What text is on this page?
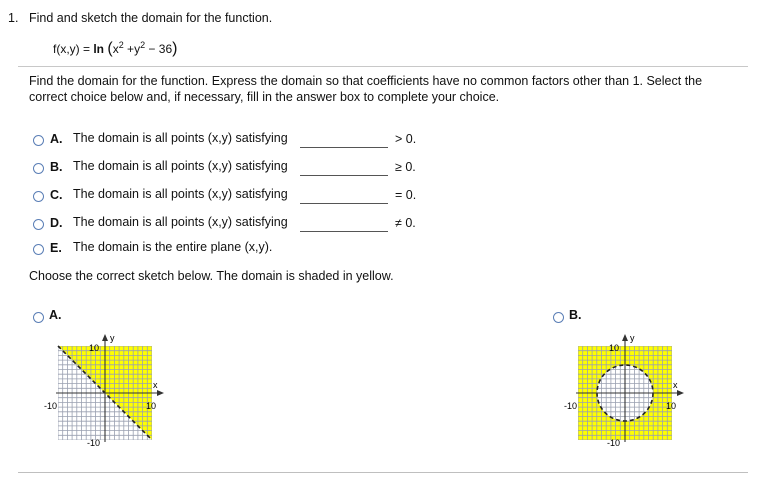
1. Find and sketch the domain for the function.
$f(x,y) = \ln (x^2 +y^2 - 36)$
Find the domain for the function. Express the domain so that coefficients have no common factors other than 1. Select the
correct choice below and, if necessary, fill in the answer box to complete your choice.
A. The domain is all points (x,y) satisfying	> 0.
B. The domain is all points (x,y) satisfying	≥ 0.
C. The domain is all points (x,y) satisfying	= 0.
D. The domain is all points (x,y) satisfying	≠ 0.
E. The domain is the entire plane (x,y).
Choose the correct sketch below. The domain is shaded in yellow.
A.
y
x
10
-10
-10	10
B.
y
x
10
-10
-10	10
